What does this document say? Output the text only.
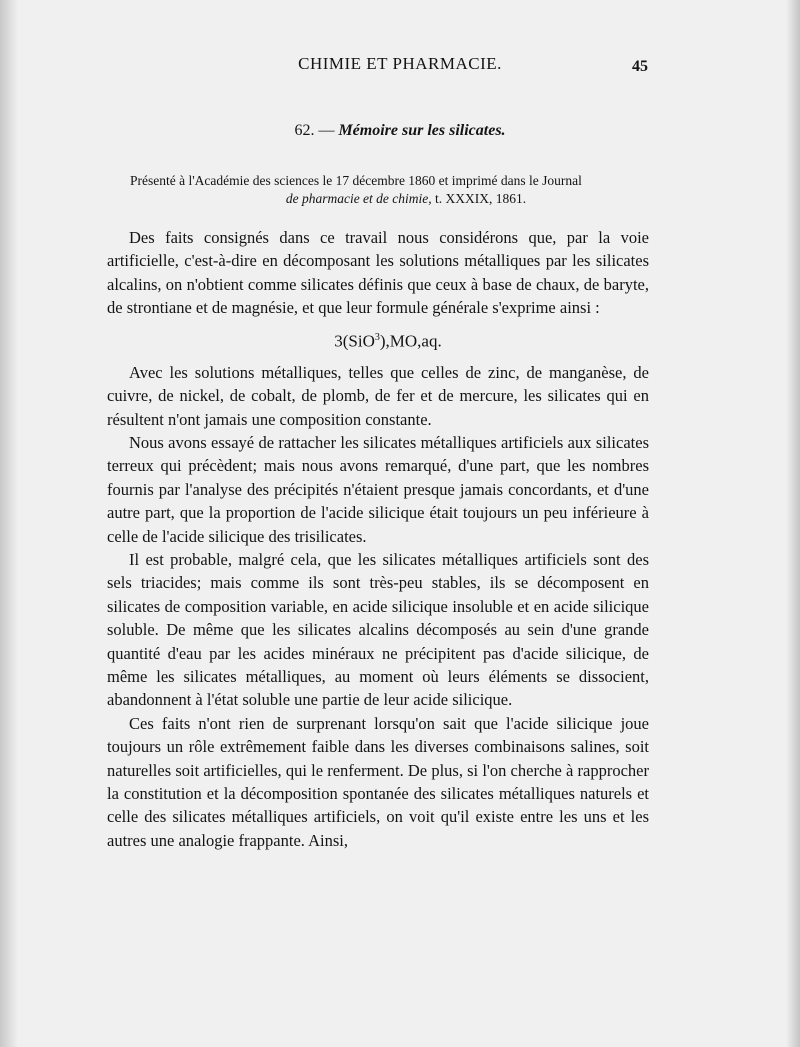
CHIMIE ET PHARMACIE.	45
62. — Mémoire sur les silicates.
Présenté à l'Académie des sciences le 17 décembre 1860 et imprimé dans le Journal
de pharmacie et de chimie, t. XXXIX, 1861.

Des faits consignés dans ce travail nous considérons que, par la voie artificielle, c'est-à-dire en décomposant les solutions métalliques par les silicates alcalins, on n'obtient comme silicates définis que ceux à base de chaux, de baryte, de strontiane et de magnésie, et que leur formule générale s'exprime ainsi :

3(SiO$^3$),MO,aq.

Avec les solutions métalliques, telles que celles de zinc, de manganèse, de cuivre, de nickel, de cobalt, de plomb, de fer et de mercure, les silicates qui en résultent n'ont jamais une composition constante.

Nous avons essayé de rattacher les silicates métalliques artificiels aux silicates terreux qui précèdent; mais nous avons remarqué, d'une part, que les nombres fournis par l'analyse des précipités n'étaient presque jamais concordants, et d'une autre part, que la proportion de l'acide silicique était toujours un peu inférieure à celle de l'acide silicique des trisilicates.

Il est probable, malgré cela, que les silicates métalliques artificiels sont des sels triacides; mais comme ils sont très-peu stables, ils se décomposent en silicates de composition variable, en acide silicique insoluble et en acide silicique soluble. De même que les silicates alcalins décomposés au sein d'une grande quantité d'eau par les acides minéraux ne précipitent pas d'acide silicique, de même les silicates métalliques, au moment où leurs éléments se dissocient, abandonnent à l'état soluble une partie de leur acide silicique.

Ces faits n'ont rien de surprenant lorsqu'on sait que l'acide silicique joue toujours un rôle extrêmement faible dans les diverses combinaisons salines, soit naturelles soit artificielles, qui le renferment. De plus, si l'on cherche à rapprocher la constitution et la décomposition spontanée des silicates métalliques naturels et celle des silicates métalliques artificiels, on voit qu'il existe entre les uns et les autres une analogie frappante. Ainsi,
